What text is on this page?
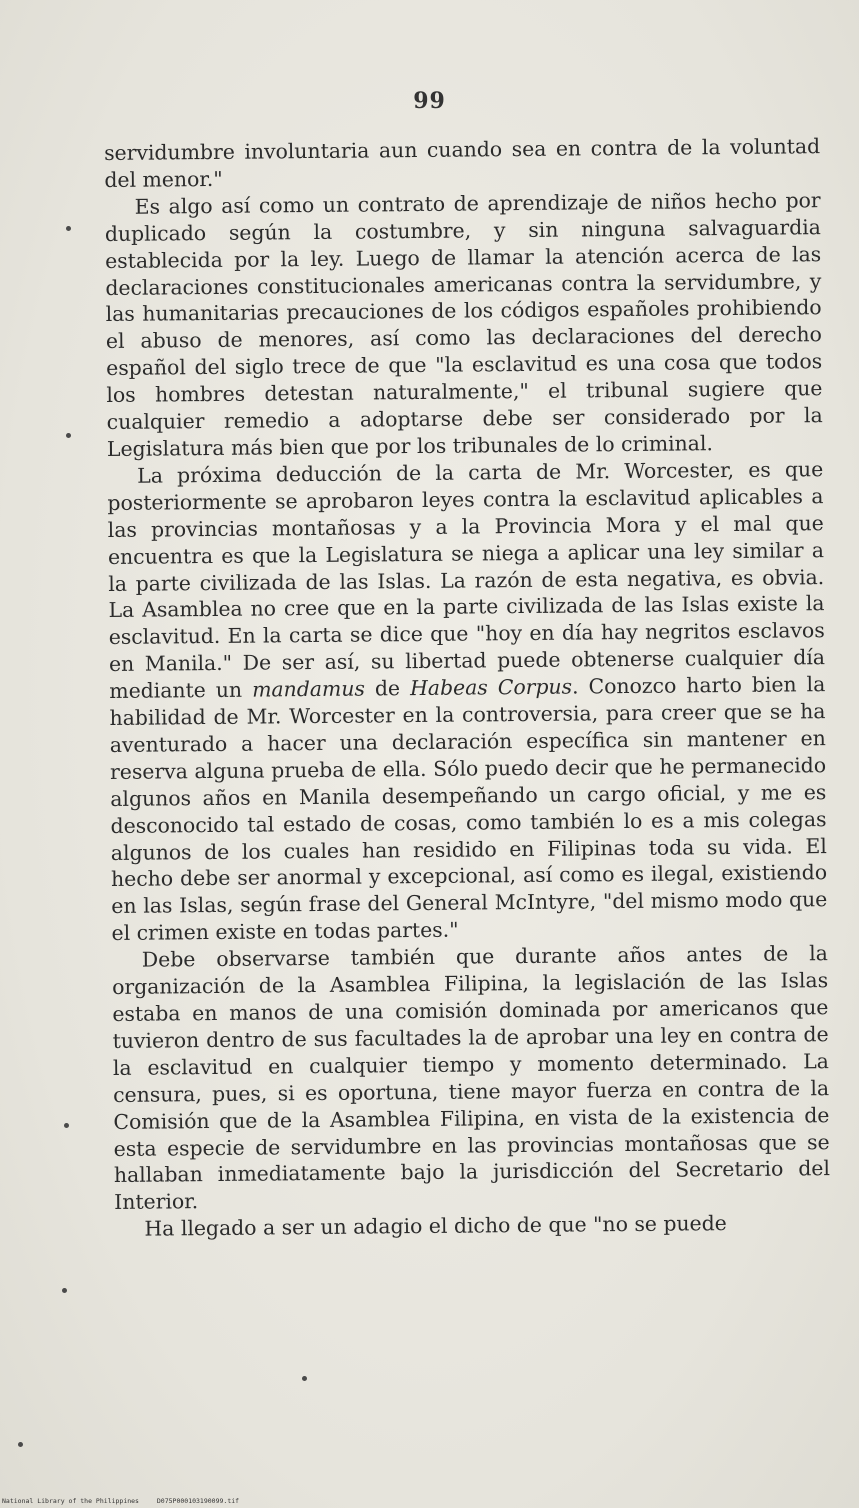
99

servidumbre involuntaria aun cuando sea en contra de la voluntad del menor."

Es algo así como un contrato de aprendizaje de niños hecho por duplicado según la costumbre, y sin ninguna salvaguardia establecida por la ley. Luego de llamar la atención acerca de las declaraciones constitucionales americanas contra la servidumbre, y las humanitarias precauciones de los códigos españoles prohibiendo el abuso de menores, así como las declaraciones del derecho español del siglo trece de que "la esclavitud es una cosa que todos los hombres detestan naturalmente," el tribunal sugiere que cualquier remedio a adoptarse debe ser considerado por la Legislatura más bien que por los tribunales de lo criminal.

La próxima deducción de la carta de Mr. Worcester, es que posteriormente se aprobaron leyes contra la esclavitud aplicables a las provincias montañosas y a la Provincia Mora y el mal que encuentra es que la Legislatura se niega a aplicar una ley similar a la parte civilizada de las Islas. La razón de esta negativa, es obvia. La Asamblea no cree que en la parte civilizada de las Islas existe la esclavitud. En la carta se dice que "hoy en día hay negritos esclavos en Manila." De ser así, su libertad puede obtenerse cualquier día mediante un mandamus de Habeas Corpus. Conozco harto bien la habilidad de Mr. Worcester en la controversia, para creer que se ha aventurado a hacer una declaración específica sin mantener en reserva alguna prueba de ella. Sólo puedo decir que he permanecido algunos años en Manila desempeñando un cargo oficial, y me es desconocido tal estado de cosas, como también lo es a mis colegas algunos de los cuales han residido en Filipinas toda su vida. El hecho debe ser anormal y excepcional, así como es ilegal, existiendo en las Islas, según frase del General McIntyre, "del mismo modo que el crimen existe en todas partes."

Debe observarse también que durante años antes de la organización de la Asamblea Filipina, la legislación de las Islas estaba en manos de una comisión dominada por americanos que tuvieron dentro de sus facultades la de aprobar una ley en contra de la esclavitud en cualquier tiempo y momento determinado. La censura, pues, si es oportuna, tiene mayor fuerza en contra de la Comisión que de la Asamblea Filipina, en vista de la existencia de esta especie de servidumbre en las provincias montañosas que se hallaban inmediatamente bajo la jurisdicción del Secretario del Interior.

Ha llegado a ser un adagio el dicho de que "no se puede

National Library of the Philippines	D075P000103190099.tif
